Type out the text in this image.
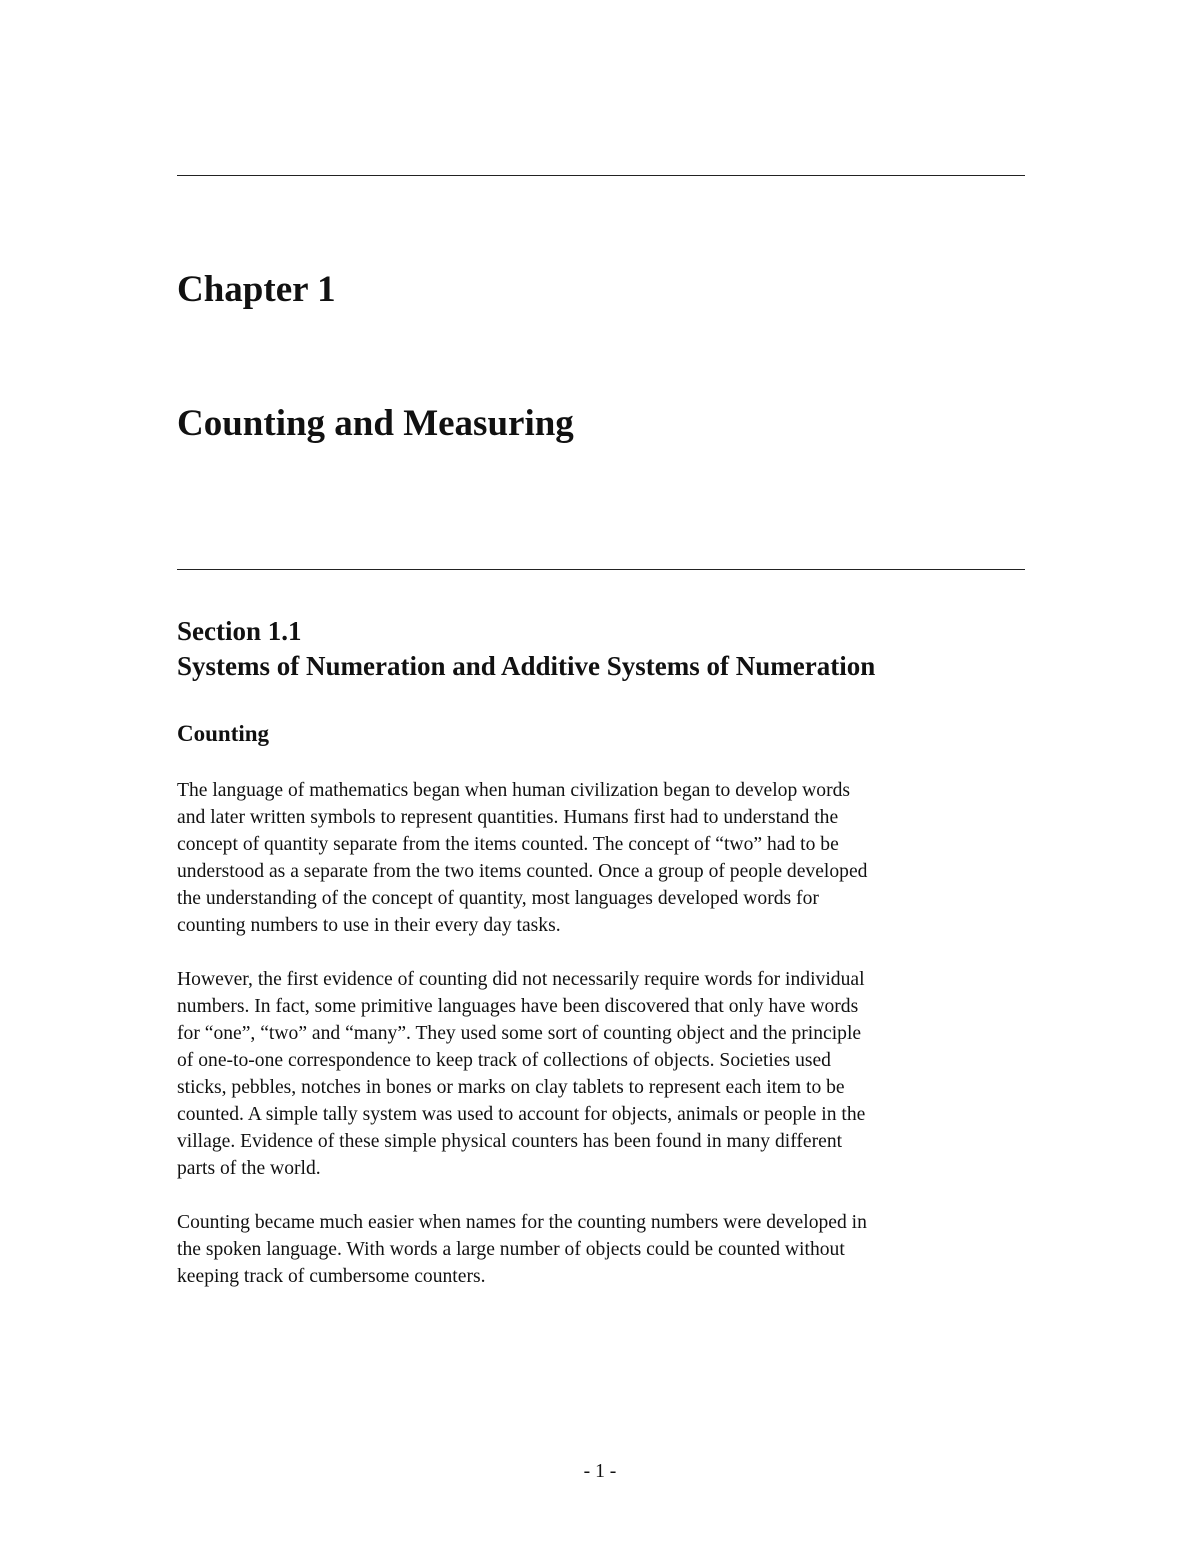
Chapter 1
Counting and Measuring
Section 1.1
Systems of Numeration and Additive Systems of Numeration
Counting

The language of mathematics began when human civilization began to develop words
and later written symbols to represent quantities. Humans first had to understand the
concept of quantity separate from the items counted. The concept of “two” had to be
understood as a separate from the two items counted. Once a group of people developed
the understanding of the concept of quantity, most languages developed words for
counting numbers to use in their every day tasks.

However, the first evidence of counting did not necessarily require words for individual
numbers. In fact, some primitive languages have been discovered that only have words
for “one”, “two” and “many”. They used some sort of counting object and the principle
of one-to-one correspondence to keep track of collections of objects. Societies used
sticks, pebbles, notches in bones or marks on clay tablets to represent each item to be
counted. A simple tally system was used to account for objects, animals or people in the
village. Evidence of these simple physical counters has been found in many different
parts of the world.

Counting became much easier when names for the counting numbers were developed in
the spoken language. With words a large number of objects could be counted without
keeping track of cumbersome counters.

- 1 -
